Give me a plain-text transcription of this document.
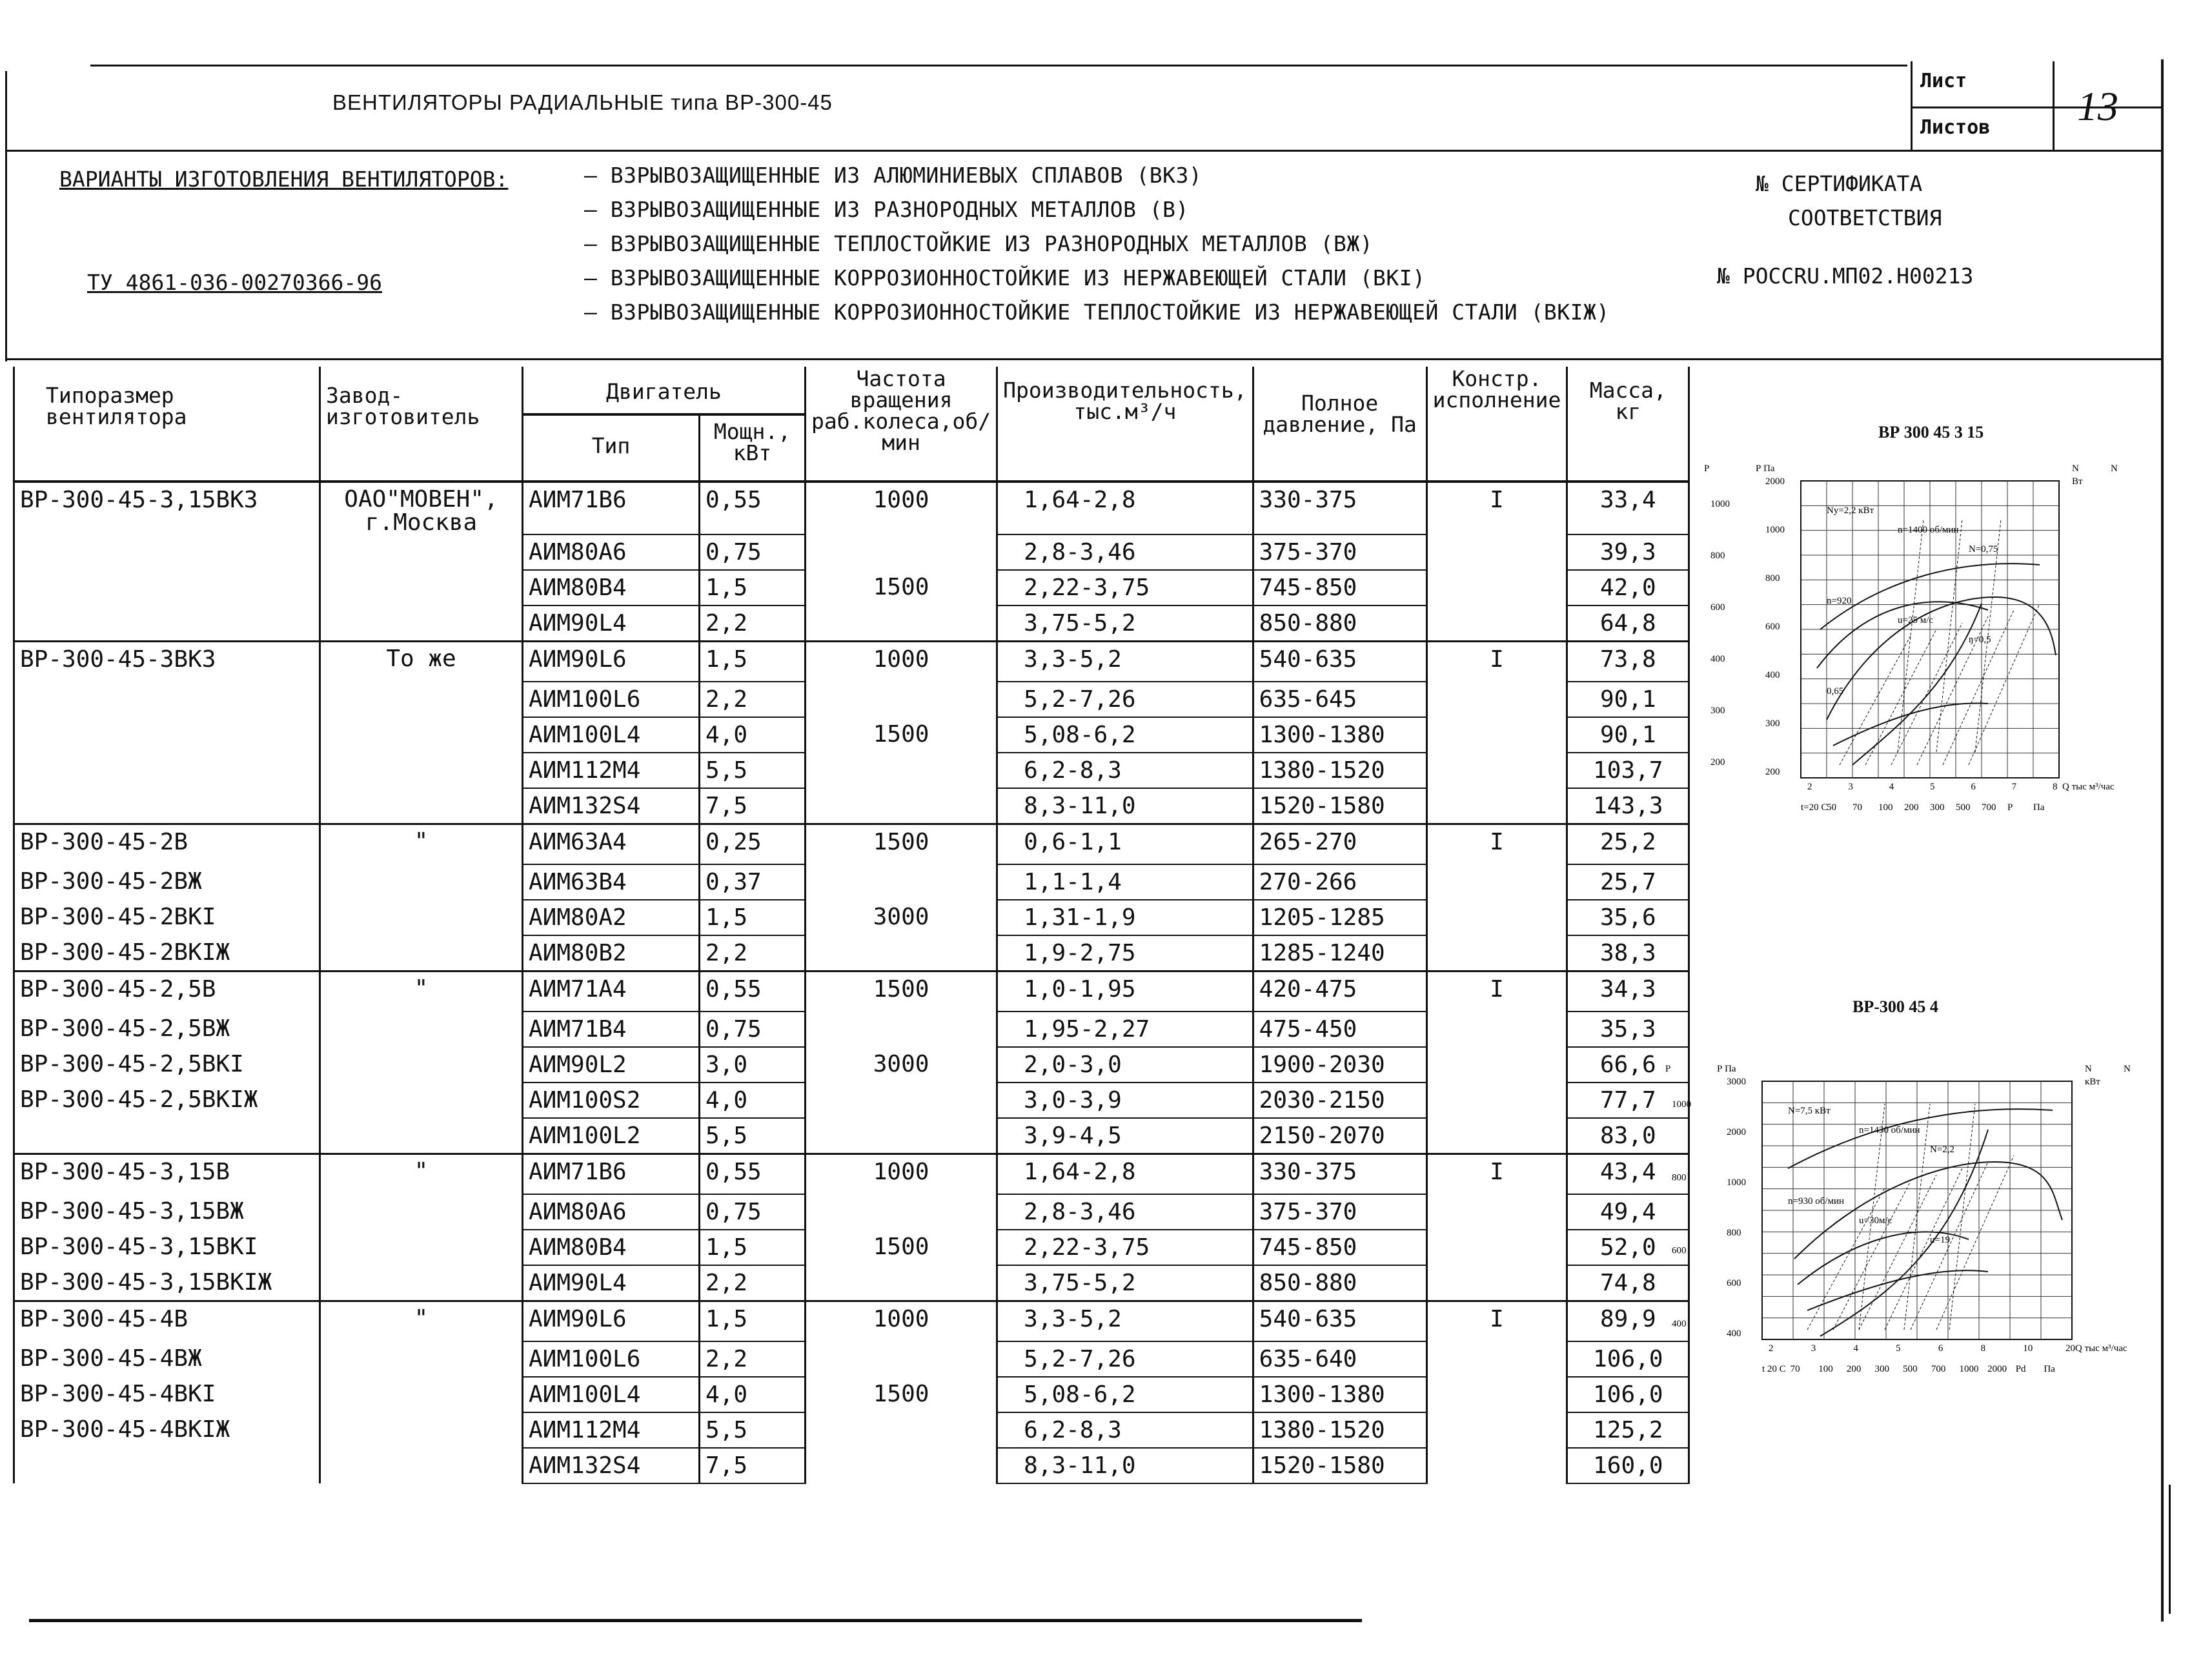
Лист
Листов 13
ВЕНТИЛЯТОРЫ РАДИАЛЬНЫЕ типа ВР-300-45
ВАРИАНТЫ ИЗГОТОВЛЕНИЯ ВЕНТИЛЯТОРОВ:
ТУ 4861-036-00270366-96
– ВЗРЫВОЗАЩИЩЕННЫЕ ИЗ АЛЮМИНИЕВЫХ СПЛАВОВ (ВКЗ)
– ВЗРЫВОЗАЩИЩЕННЫЕ ИЗ РАЗНОРОДНЫХ МЕТАЛЛОВ (В)
– ВЗРЫВОЗАЩИЩЕННЫЕ ТЕПЛОСТОЙКИЕ ИЗ РАЗНОРОДНЫХ МЕТАЛЛОВ (ВЖ)
– ВЗРЫВОЗАЩИЩЕННЫЕ КОРРОЗИОННОСТОЙКИЕ ИЗ НЕРЖАВЕЮЩЕЙ СТАЛИ (ВКI)
– ВЗРЫВОЗАЩИЩЕННЫЕ КОРРОЗИОННОСТОЙКИЕ ТЕПЛОСТОЙКИЕ ИЗ НЕРЖАВЕЮЩЕЙ СТАЛИ (ВКIЖ)
№ СЕРТИФИКАТА
СООТВЕТСТВИЯ
№ РОССRU.МП02.Н00213
Типоразмер вентилятора	Завод-изготовитель	Двигатель		Частота вращения раб.колеса,об/мин	Производительность, тыс.м³/ч	Полное давление, Па	Констр. исполнение	Масса, кг

		Тип	Мощн., кВт					

ВР-300-45-3,15ВКЗ	ОАО"МОВЕН", г.Москва	АИМ71В6	0,55	1000	1,64-2,8	330-375	I	33,4
		АИМ80А6	0,75		2,8-3,46	375-370		39,3
		АИМ80В4	1,5	1500	2,22-3,75	745-850		42,0
		АИМ90L4	2,2		3,75-5,2	850-880		64,8
ВР-300-45-3ВКЗ	То же	АИМ90L6	1,5	1000	3,3-5,2	540-635	I	73,8
		АИМ100L6	2,2		5,2-7,26	635-645		90,1
		АИМ100L4	4,0	1500	5,08-6,2	1300-1380		90,1
		АИМ112М4	5,5		6,2-8,3	1380-1520		103,7
		АИМ132S4	7,5		8,3-11,0	1520-1580		143,3
ВР-300-45-2В	"	АИМ63А4	0,25	1500	0,6-1,1	265-270	I	25,2
ВР-300-45-2ВЖ		АИМ63В4	0,37		1,1-1,4	270-266		25,7
ВР-300-45-2ВКI		АИМ80А2	1,5	3000	1,31-1,9	1205-1285		35,6
ВР-300-45-2ВКIЖ		АИМ80В2	2,2		1,9-2,75	1285-1240		38,3
ВР-300-45-2,5В	"	АИМ71А4	0,55	1500	1,0-1,95	420-475	I	34,3
ВР-300-45-2,5ВЖ		АИМ71В4	0,75		1,95-2,27	475-450		35,3
ВР-300-45-2,5ВКI		АИМ90L2	3,0	3000	2,0-3,0	1900-2030		66,6
ВР-300-45-2,5ВКIЖ		АИМ100S2	4,0		3,0-3,9	2030-2150		77,7
		АИМ100L2	5,5		3,9-4,5	2150-2070		83,0
ВР-300-45-3,15В	"	АИМ71В6	0,55	1000	1,64-2,8	330-375	I	43,4
ВР-300-45-3,15ВЖ		АИМ80А6	0,75		2,8-3,46	375-370		49,4
ВР-300-45-3,15ВКI		АИМ80В4	1,5	1500	2,22-3,75	745-850		52,0
ВР-300-45-3,15ВКIЖ		АИМ90L4	2,2		3,75-5,2	850-880		74,8
ВР-300-45-4В	"	АИМ90L6	1,5	1000	3,3-5,2	540-635	I	89,9
ВР-300-45-4ВЖ		АИМ100L6	2,2		5,2-7,26	635-640		106,0
ВР-300-45-4ВКI		АИМ100L4	4,0	1500	5,08-6,2	1300-1380		106,0
ВР-300-45-4ВКIЖ		АИМ112М4	5,5		6,2-8,3	1380-1520		125,2
		АИМ132S4	7,5		8,3-11,0	1520-1580		160,0
ВР 300 45 3 15
1000
800
600
400
300
200
2000
1000
800
600
400
300
200
2	3	4	5	6	7	8 Q тыс м³/час
t=20 С
50 70 100 200 300 500 700 Р Па
Р	Р Па	N	N
Вт
Nу=2,2 кВт
n=1400 об/мин
N=0,75
n=920
u=25 м/с
ŋ=0,5
0,65
ВР-300 45 4
1000
800
600
400
3000
2000
1000
800
600
400
2	3	4	5	6	8	10	20 Q тыс м³/час
t 20 С 70 100 200 300 500 700 1000 2000 Рd Па
Р	Р Па	N	N
кВт
N=7,5 кВт
n=1430 об/мин
N=2,2
n=930 об/мин
u=30м/с
u=19
